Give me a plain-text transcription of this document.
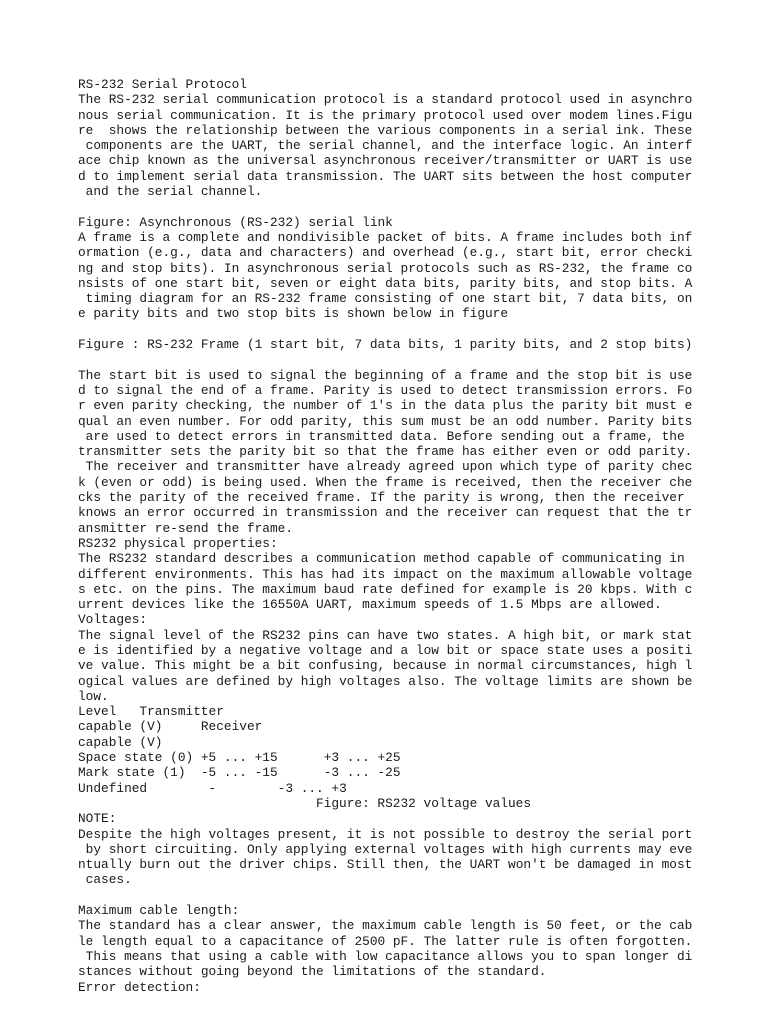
RS-232 Serial Protocol
The RS-232 serial communication protocol is a standard protocol used in asynchro
nous serial communication. It is the primary protocol used over modem lines.Figu
re  shows the relationship between the various components in a serial ink. These
components are the UART, the serial channel, and the interface logic. An interf
ace chip known as the universal asynchronous receiver/transmitter or UART is use
d to implement serial data transmission. The UART sits between the host computer
and the serial channel.
Figure: Asynchronous (RS-232) serial link
A frame is a complete and nondivisible packet of bits. A frame includes both inf
ormation (e.g., data and characters) and overhead (e.g., start bit, error checki
ng and stop bits). In asynchronous serial protocols such as RS-232, the frame co
nsists of one start bit, seven or eight data bits, parity bits, and stop bits. A
timing diagram for an RS-232 frame consisting of one start bit, 7 data bits, on
e parity bits and two stop bits is shown below in figure
Figure : RS-232 Frame (1 start bit, 7 data bits, 1 parity bits, and 2 stop bits)
The start bit is used to signal the beginning of a frame and the stop bit is use
d to signal the end of a frame. Parity is used to detect transmission errors. Fo
r even parity checking, the number of 1's in the data plus the parity bit must e
qual an even number. For odd parity, this sum must be an odd number. Parity bits
are used to detect errors in transmitted data. Before sending out a frame, the
transmitter sets the parity bit so that the frame has either even or odd parity.
The receiver and transmitter have already agreed upon which type of parity chec
k (even or odd) is being used. When the frame is received, then the receiver che
cks the parity of the received frame. If the parity is wrong, then the receiver
knows an error occurred in transmission and the receiver can request that the tr
ansmitter re-send the frame.
RS232 physical properties:
The RS232 standard describes a communication method capable of communicating in
different environments. This has had its impact on the maximum allowable voltage
s etc. on the pins. The maximum baud rate defined for example is 20 kbps. With c
urrent devices like the 16550A UART, maximum speeds of 1.5 Mbps are allowed.
Voltages:
The signal level of the RS232 pins can have two states. A high bit, or mark stat
e is identified by a negative voltage and a low bit or space state uses a positi
ve value. This might be a bit confusing, because in normal circumstances, high l
ogical values are defined by high voltages also. The voltage limits are shown be
low.
Level   Transmitter
capable (V)     Receiver
capable (V)
Space state (0) +5 ... +15      +3 ... +25
Mark state (1)  -5 ... -15      -3 ... -25
Undefined        -        -3 ... +3
Figure: RS232 voltage values
NOTE:
Despite the high voltages present, it is not possible to destroy the serial port
by short circuiting. Only applying external voltages with high currents may eve
ntually burn out the driver chips. Still then, the UART won't be damaged in most
cases.
Maximum cable length:
The standard has a clear answer, the maximum cable length is 50 feet, or the cab
le length equal to a capacitance of 2500 pF. The latter rule is often forgotten.
This means that using a cable with low capacitance allows you to span longer di
stances without going beyond the limitations of the standard.
Error detection:
